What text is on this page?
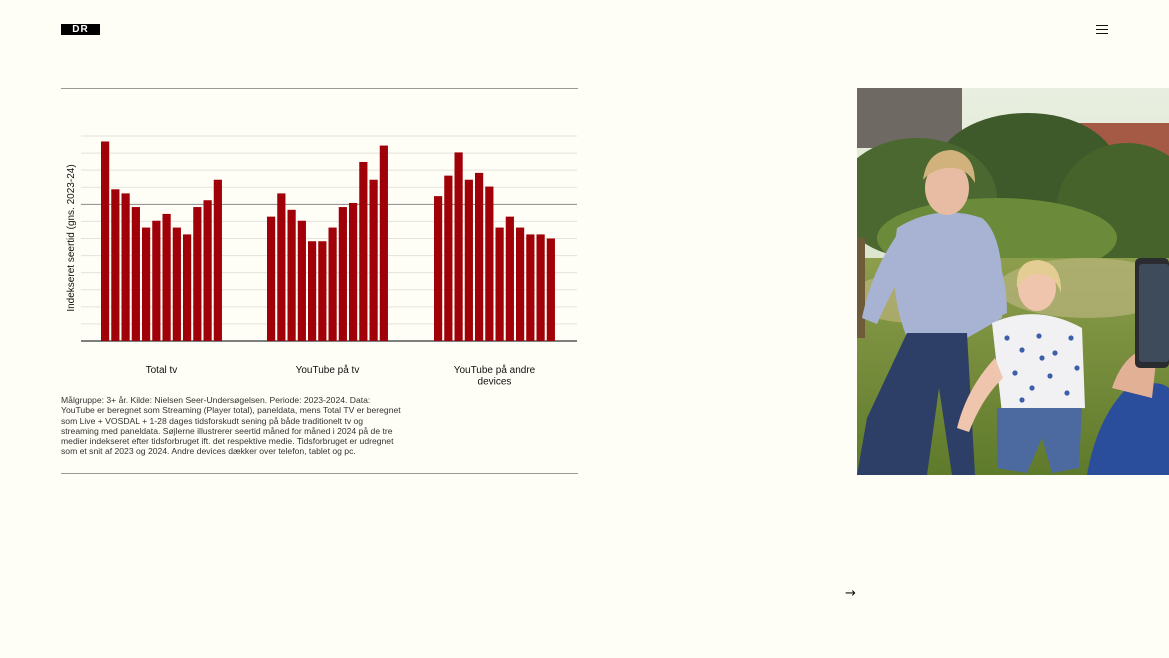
DR
Total tv	YouTube på tv	YouTube på andre devices
Indekseret seertid (gns. 2023-24)

Målgruppe: 3+ år. Kilde: Nielsen Seer-Undersøgelsen. Periode: 2023-2024. Data: YouTube er beregnet som Streaming (Player total), paneldata, mens Total TV er beregnet som Live + VOSDAL + 1-28 dages tidsforskudt sening på både traditionelt tv og streaming med paneldata. Søjlerne illustrerer seertid måned for måned i 2024 på de tre medier indekseret efter tidsforbruget ift. det respektive medie. Tidsforbruget er udregnet som et snit af 2023 og 2024. Andre devices dækker over telefon, tablet og pc.

→
